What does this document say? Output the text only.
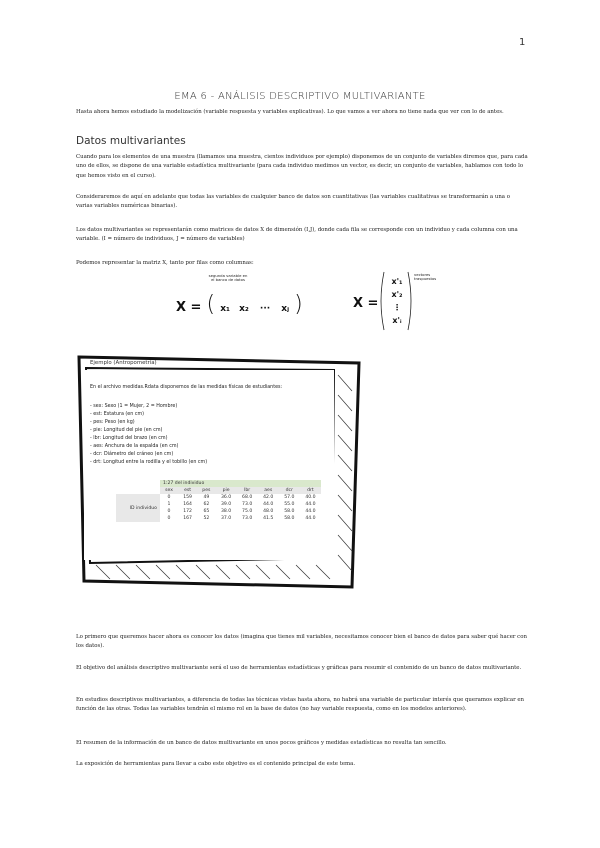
1
EMA 6 - ANÁLISIS DESCRIPTIVO MULTIVARIANTE
Hasta ahora hemos estudiado la modelización (variable respuesta y variables explicativas). Lo que vamos a ver ahora no tiene nada que ver con lo de antes.
Datos multivariantes
Cuando para los elementos de una muestra (llamamos una muestra, cientos individuos por ejemplo) disponemos de un conjunto de variables diremos que, para cada uno de ellos, se dispone de una variable estadística multivariante (para cada individuo medimos un vector, es decir, un conjunto de variables, hablamos con todo lo que hemos visto en el curso).
Consideraremos de aquí en adelante que todas las variables de cualquier banco de datos son cuantitativas (las variables cualitativas se transformarán a una o varias variables numéricas binarias).
Los datos multivariantes se representarán como matrices de datos X de dimensión (I,J), donde cada fila se corresponde con un individuo y cada columna con una variable. (I = número de individuos, J = número de variables)
Podemos representar la matriz X, tanto por filas como columnas:
X = ( x₁ x₂ ··· xⱼ )
segunda variable en el banco de datos
X =
x'₁
x'₂
⋮
x'ᵢ
vectores traspuestos
Ejemplo (Antropometría)
En el archivo medidas.Rdata disponemos de las medidas físicas de estudiantes:
- sex: Sexo (1 = Mujer, 2 = Hombre)
- est: Estatura (en cm)
- pes: Peso (en kg)
- pie: Longitud del pie (en cm)
- lbr: Longitud del brazo (en cm)
- aes: Anchura de la espalda (en cm)
- dcr: Diámetro del cráneo (en cm)
- drt: Longitud entre la rodilla y el tobillo (en cm)
	1:27 del individuo							
	sex	est	pes	pie	lbr	aes	dcr	drt
ID individuo	0	159	49	36.0	68.0	42.0	57.0	40.0
	1	164	62	39.0	73.0	44.0	55.0	44.0
	0	172	65	38.0	75.0	48.0	58.0	44.0
	0	167	52	37.0	73.0	41.5	58.0	44.0
Lo primero que queremos hacer ahora es conocer los datos (imagina que tienes mil variables, necesitamos conocer bien el banco de datos para saber qué hacer con los datos).
El objetivo del análisis descriptivo multivariante será el uso de herramientas estadísticas y gráficas para resumir el contenido de un banco de datos multivariante.
En estudios descriptivos multivariantes, a diferencia de todas las técnicas vistas hasta ahora, no habrá una variable de particular interés que queramos explicar en función de las otras. Todas las variables tendrán el mismo rol en la base de datos (no hay variable respuesta, como en los modelos anteriores).
El resumen de la información de un banco de datos multivariante en unos pocos gráficos y medidas estadísticas no resulta tan sencillo.
La exposición de herramientas para llevar a cabo este objetivo es el contenido principal de este tema.
